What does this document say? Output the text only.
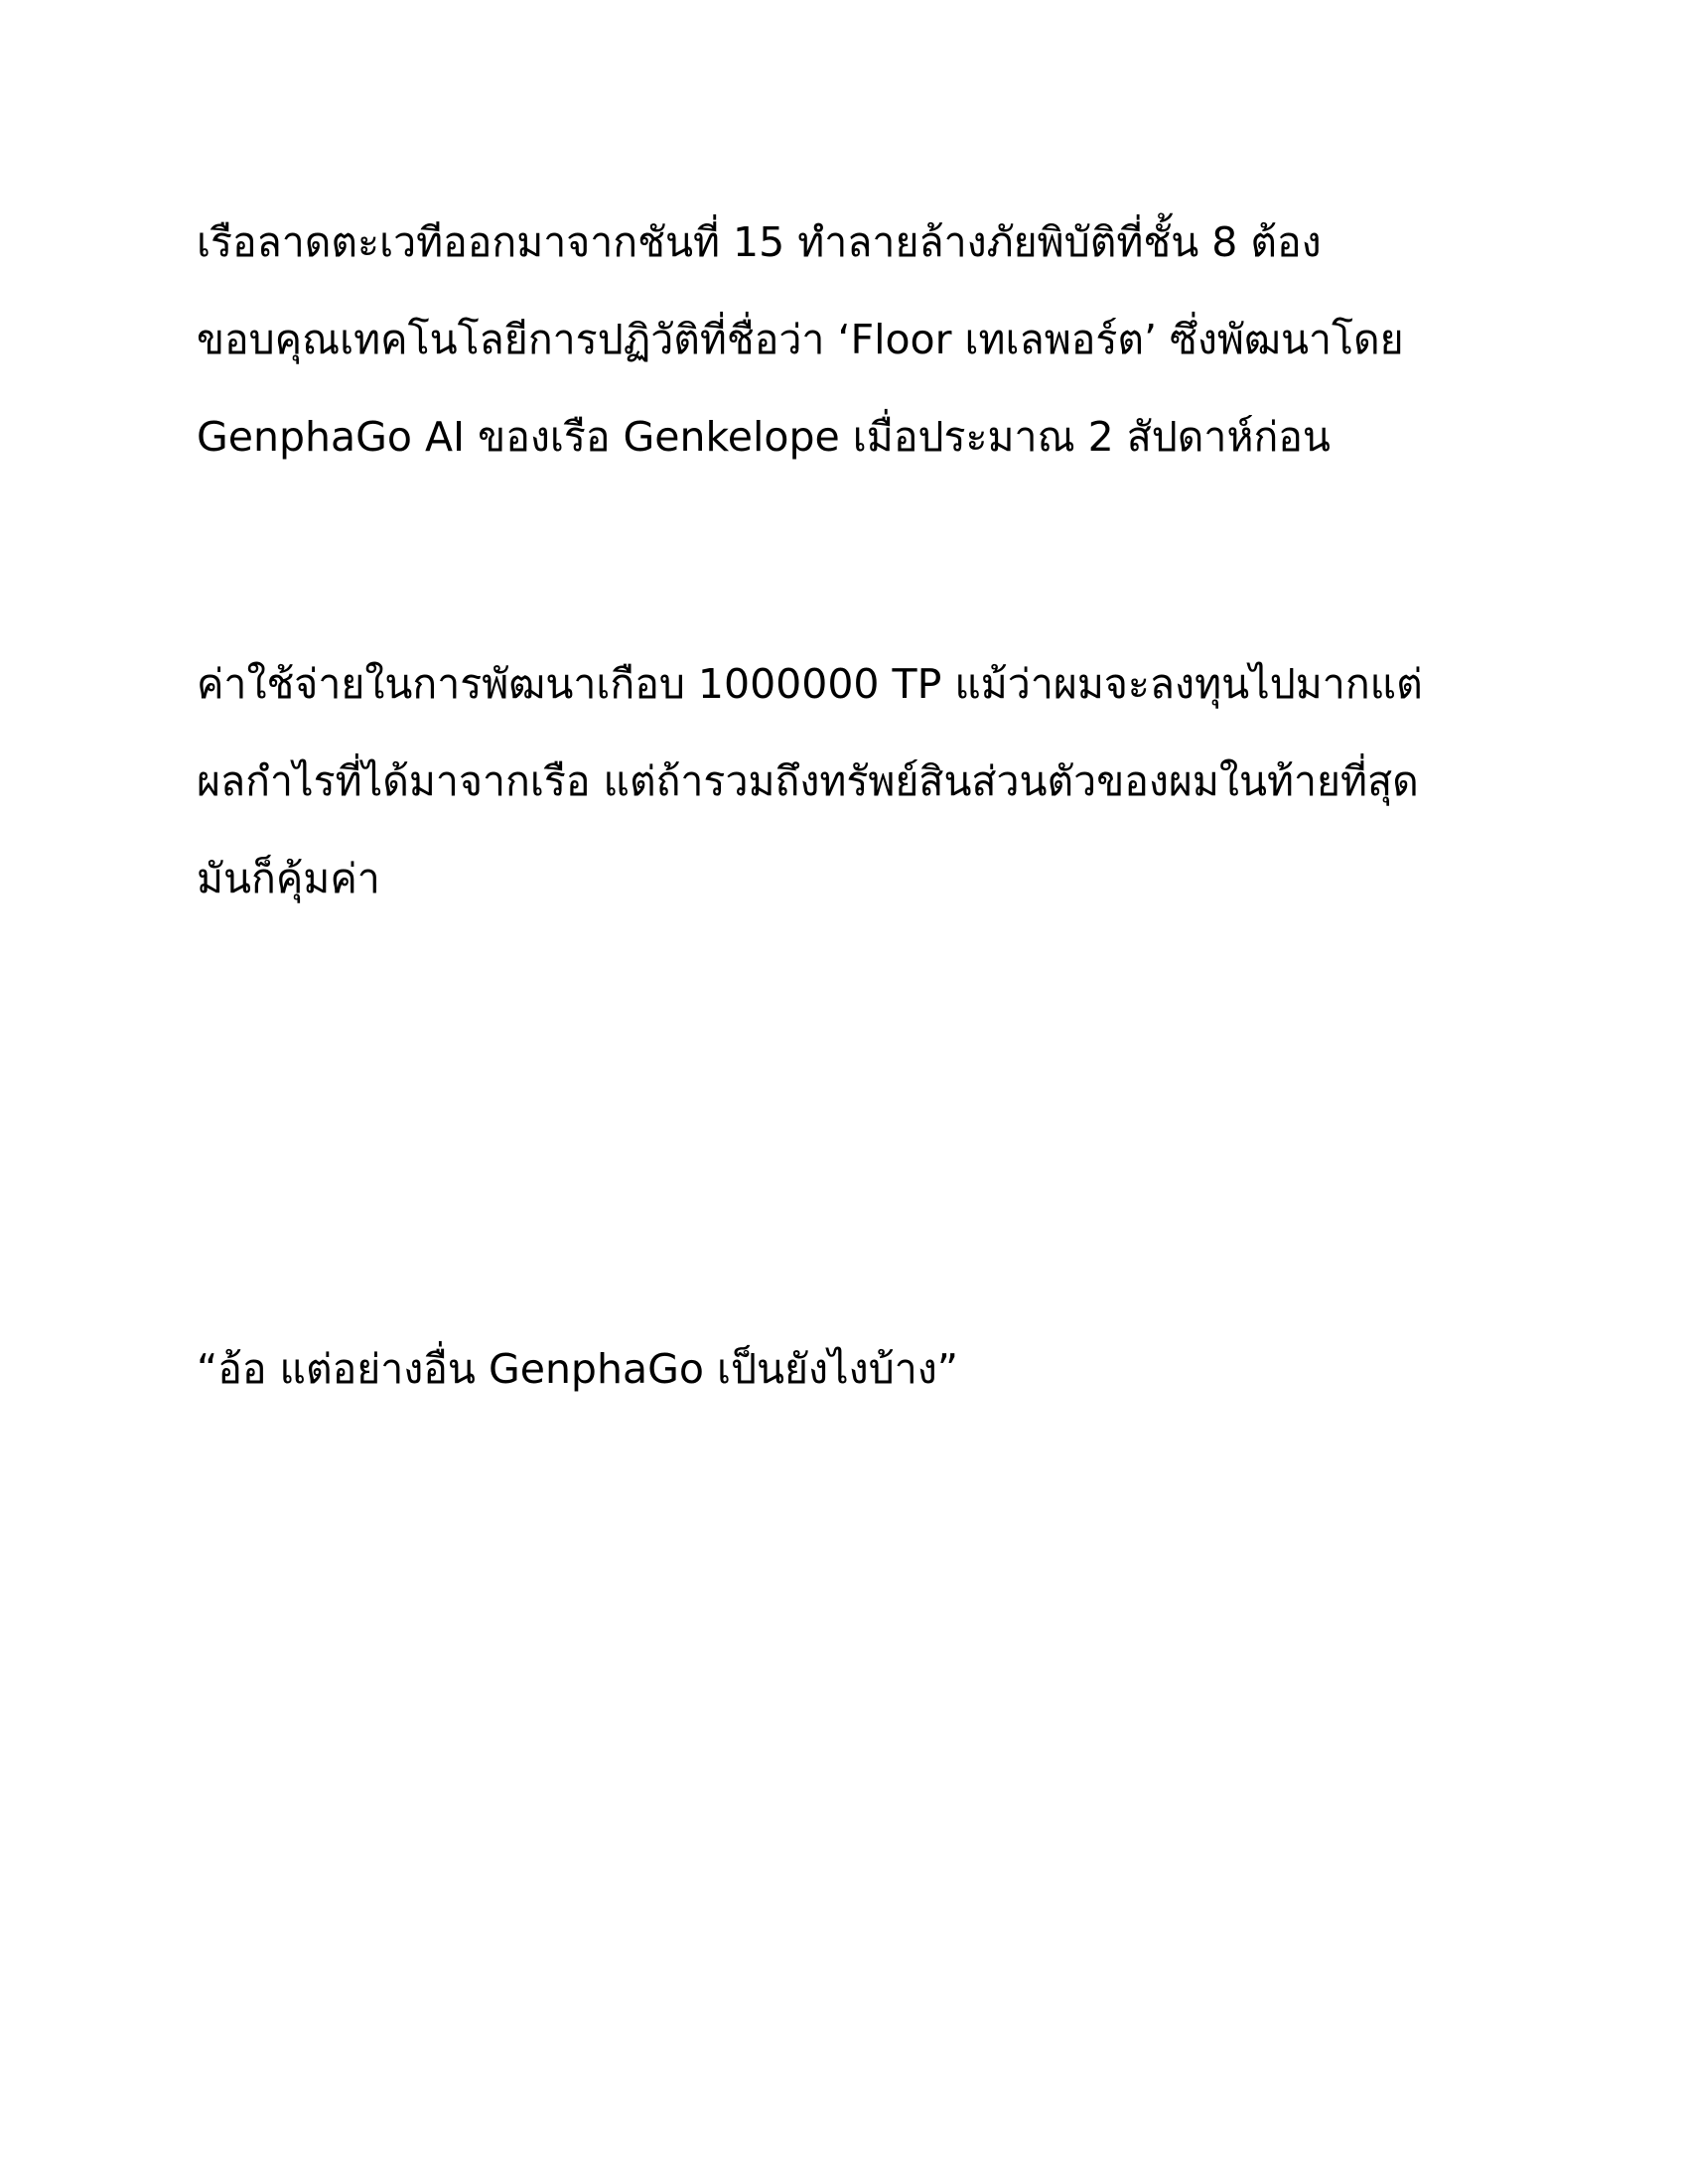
เรือลาดตะเวทีออกมาจากชันที่ 15 ทำลายล้างภัยพิบัติที่ชั้น 8 ต้อง
ขอบคุณเทคโนโลยีการปฏิวัติที่ชื่อว่า ‘Floor เทเลพอร์ต’ ซึ่งพัฒนาโดย
GenphaGo AI ของเรือ Genkelope เมื่อประมาณ 2 สัปดาห์ก่อน

ค่าใช้จ่ายในการพัฒนาเกือบ 1000000 TP แม้ว่าผมจะลงทุนไปมากแต่
ผลกำไรที่ได้มาจากเรือ แต่ถ้ารวมถึงทรัพย์สินส่วนตัวของผมในท้ายที่สุด
มันก็คุ้มค่า

“อ้อ แต่อย่างอื่น GenphaGo เป็นยังไงบ้าง”
